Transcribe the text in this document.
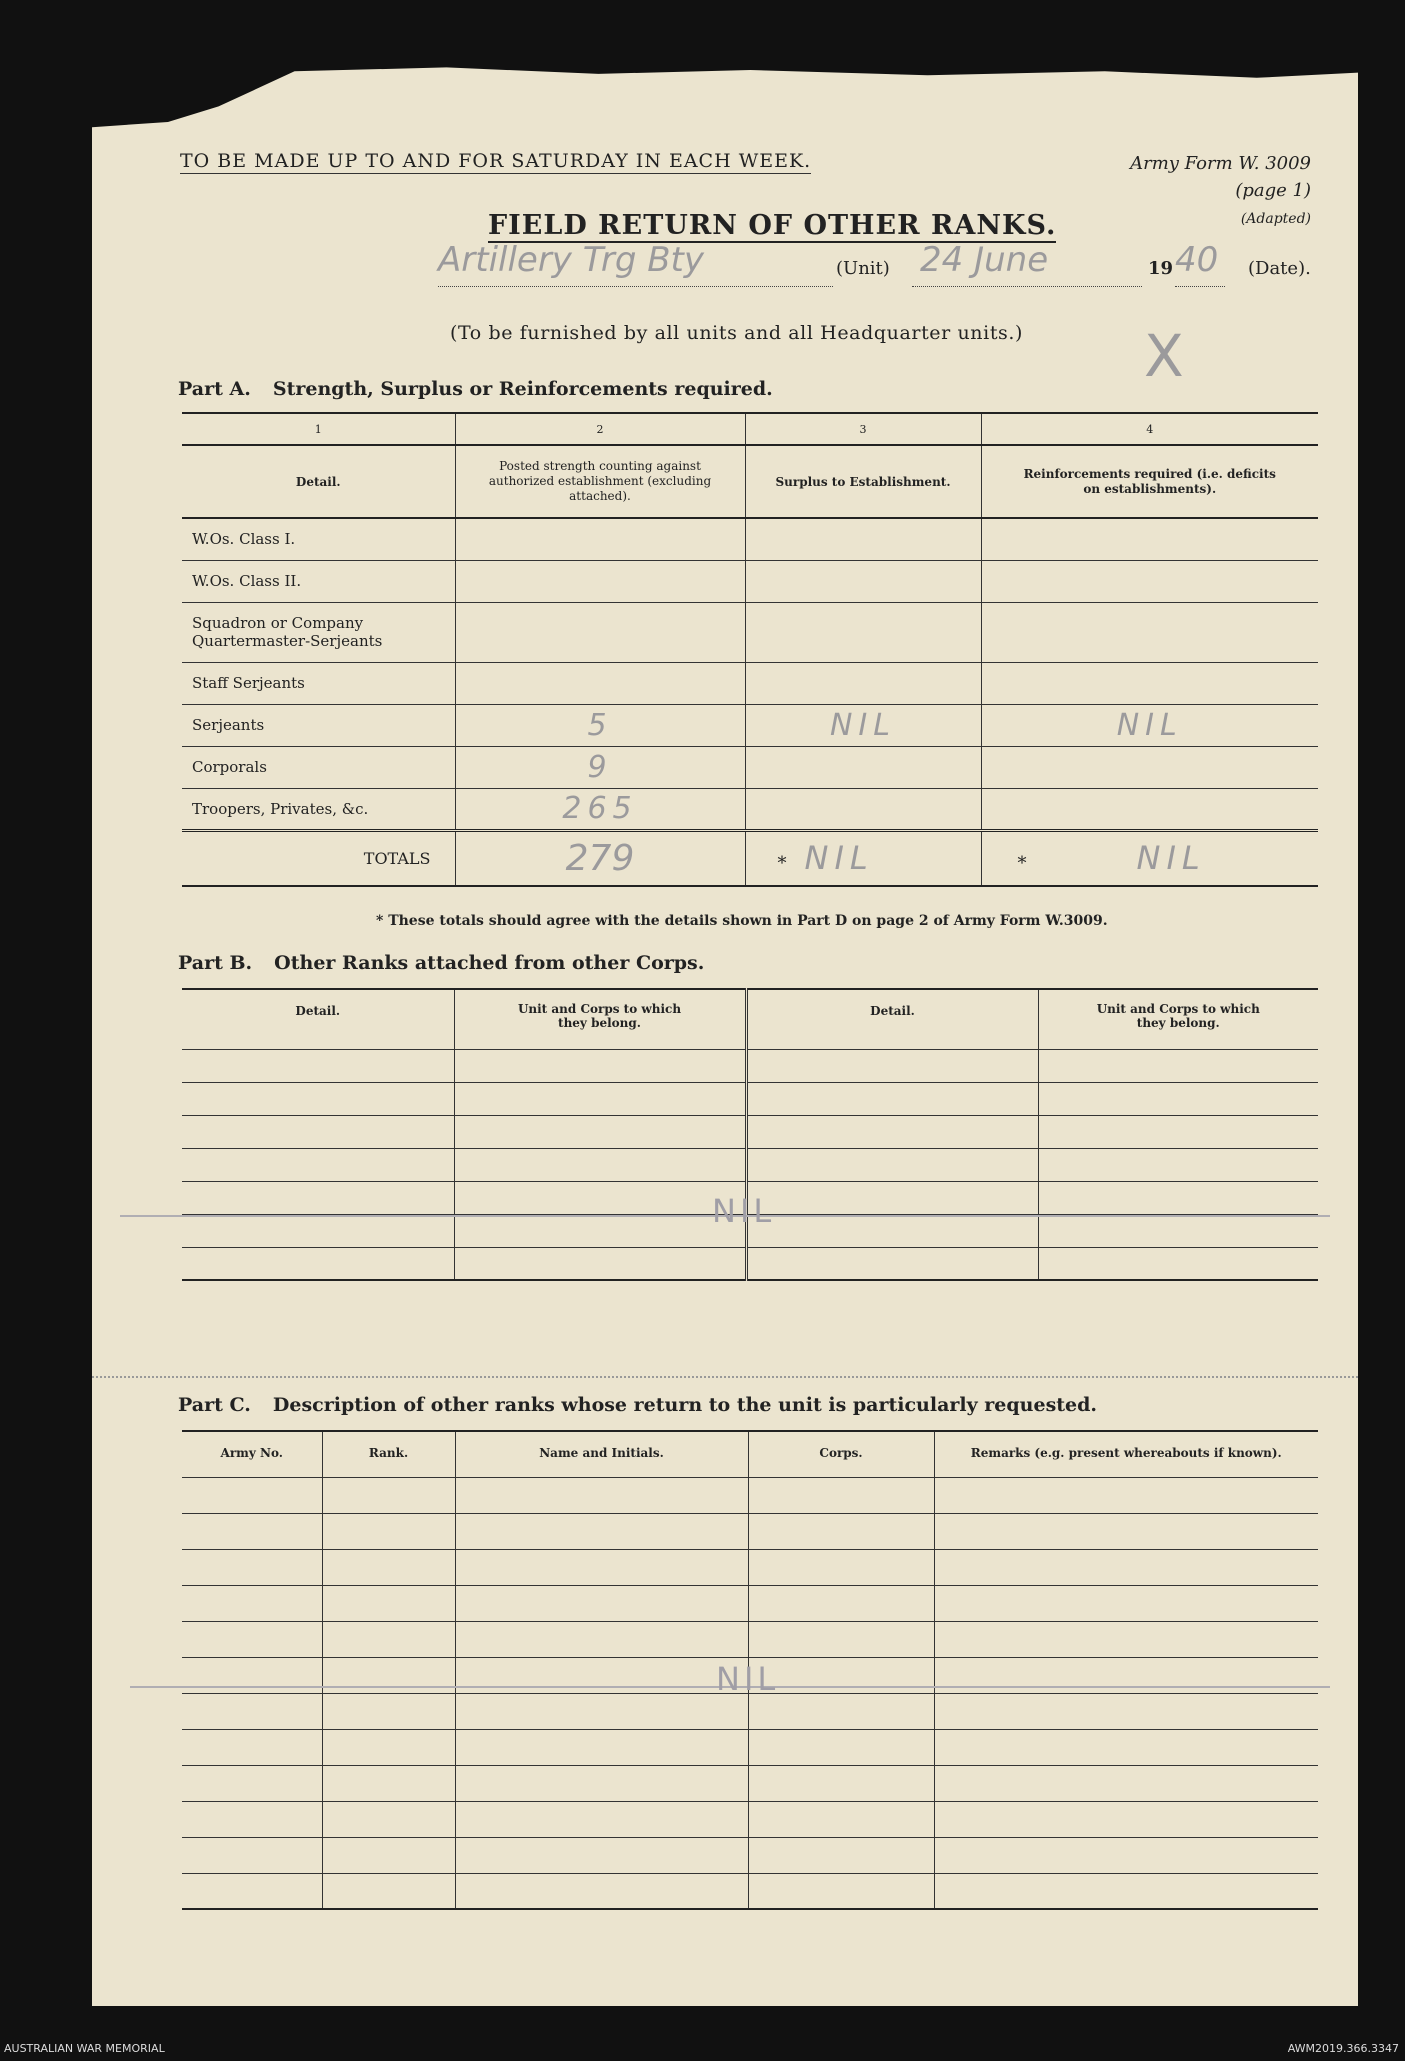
TO BE MADE UP TO AND FOR SATURDAY IN EACH WEEK.	Army Form W. 3009
(page 1)
(Adapted)
FIELD RETURN OF OTHER RANKS.
Artillery Trg Bty	(Unit) 24 June	19 40 (Date).
(To be furnished by all units and all Headquarter units.) X
Part A. Strength, Surplus or Reinforcements required.
1	2	3	4
Detail.	Posted strength counting against authorized establishment (excluding attached).	Surplus to Establishment.	Reinforcements required (i.e. deficits on establishments).
W.Os. Class I.			
W.Os. Class II.			
Squadron or Company Quartermaster-Serjeants			
Staff Serjeants			
Serjeants	5	NIL	NIL
Corporals	9		
Troopers, Privates, &c.	265		
TOTALS	279	* NIL	* NIL
* These totals should agree with the details shown in Part D on page 2 of Army Form W.3009.
Part B. Other Ranks attached from other Corps.
Detail.	Unit and Corps to which they belong.	Detail.	Unit and Corps to which they belong.

NIL
Part C. Description of other ranks whose return to the unit is particularly requested.
Army No.	Rank.	Name and Initials.	Corps.	Remarks (e.g. present whereabouts if known).

NIL
AUSTRALIAN WAR MEMORIAL	AWM2019.366.3347
